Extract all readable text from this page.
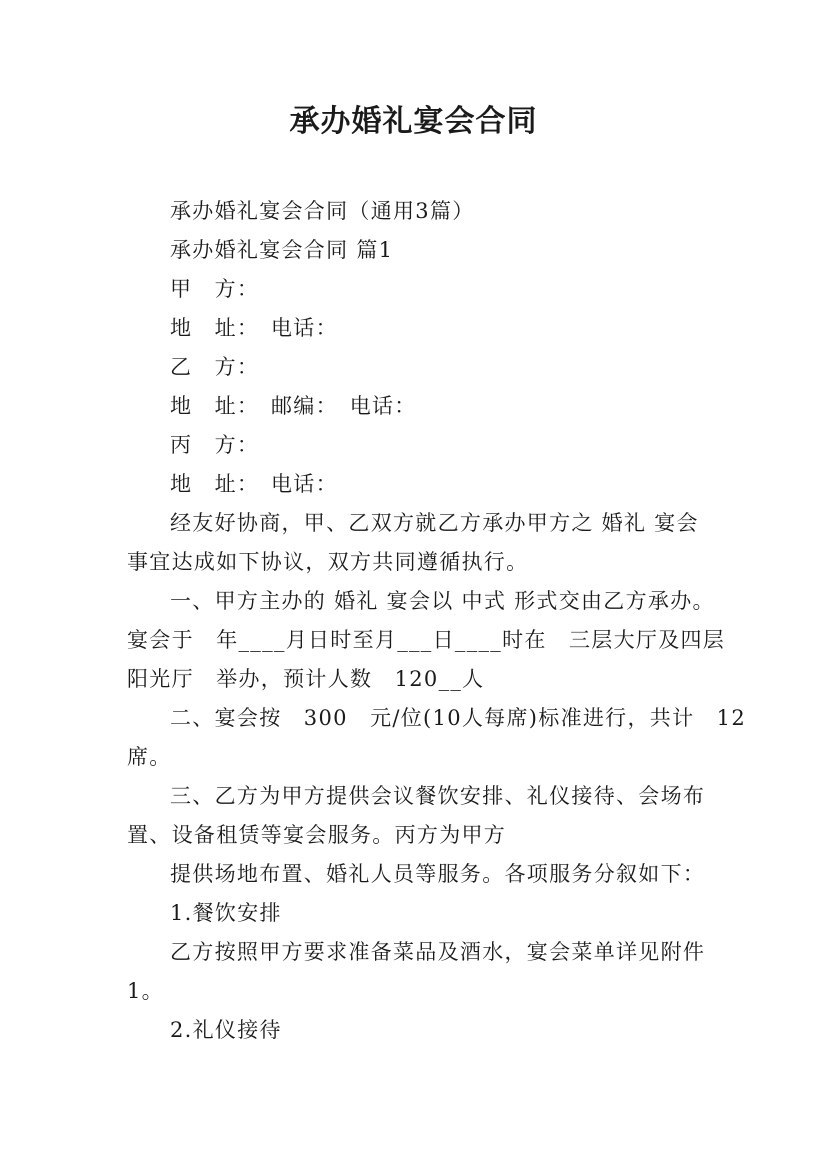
承办婚礼宴会合同
承办婚礼宴会合同（通用3篇）
承办婚礼宴会合同 篇1
甲　方：
地　址：　电话：
乙　方：
地　址：　邮编：　电话：
丙　方：
地　址：　电话：
经友好协商，甲、乙双方就乙方承办甲方之 婚礼 宴会
事宜达成如下协议，双方共同遵循执行。
一、甲方主办的 婚礼 宴会以 中式 形式交由乙方承办。
宴会于　年____月日时至月___日____时在　三层大厅及四层
阳光厅　举办，预计人数　120__人
二、宴会按　300　元/位(10人每席)标准进行，共计　12
席。
三、乙方为甲方提供会议餐饮安排、礼仪接待、会场布
置、设备租赁等宴会服务。丙方为甲方
提供场地布置、婚礼人员等服务。各项服务分叙如下：
1.餐饮安排
乙方按照甲方要求准备菜品及酒水，宴会菜单详见附件
1。
2.礼仪接待
